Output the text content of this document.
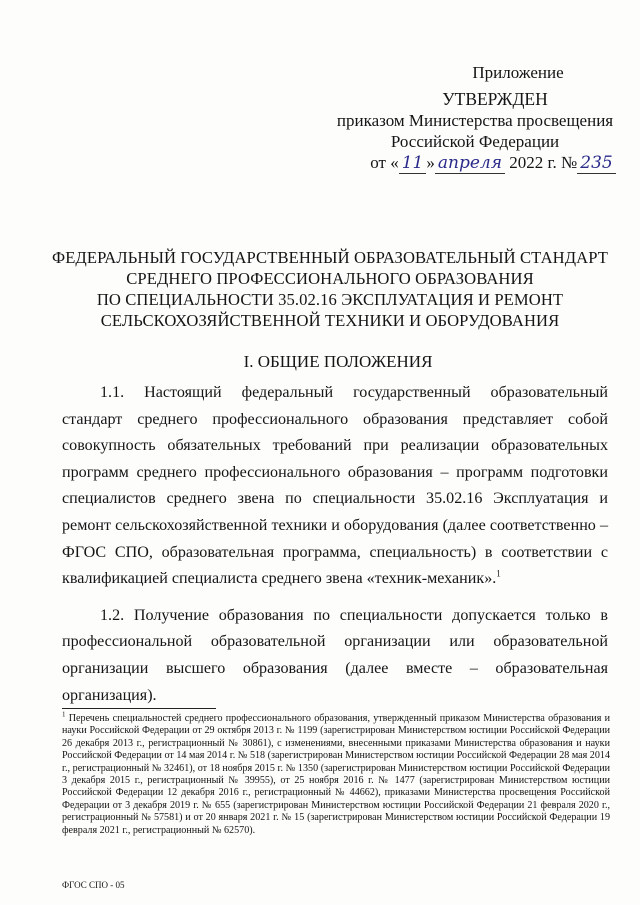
Приложение
УТВЕРЖДЕН
приказом Министерства просвещения
Российской Федерации
от « 11 » апреля 2022 г. № 235
ФЕДЕРАЛЬНЫЙ ГОСУДАРСТВЕННЫЙ ОБРАЗОВАТЕЛЬНЫЙ СТАНДАРТ
СРЕДНЕГО ПРОФЕССИОНАЛЬНОГО ОБРАЗОВАНИЯ
ПО СПЕЦИАЛЬНОСТИ 35.02.16 ЭКСПЛУАТАЦИЯ И РЕМОНТ
СЕЛЬСКОХОЗЯЙСТВЕННОЙ ТЕХНИКИ И ОБОРУДОВАНИЯ
I. ОБЩИЕ ПОЛОЖЕНИЯ

1.1. Настоящий федеральный государственный образовательный стандарт среднего профессионального образования представляет собой совокупность обязательных требований при реализации образовательных программ среднего профессионального образования – программ подготовки специалистов среднего звена по специальности 35.02.16 Эксплуатация и ремонт сельскохозяйственной техники и оборудования (далее соответственно – ФГОС СПО, образовательная программа, специальность) в соответствии с квалификацией специалиста среднего звена «техник-механик».$^1$

1.2. Получение образования по специальности допускается только в профессиональной образовательной организации или образовательной организации высшего образования (далее вместе – образовательная организация).

$^1$ Перечень специальностей среднего профессионального образования, утвержденный приказом Министерства образования и науки Российской Федерации от 29 октября 2013 г. № 1199 (зарегистрирован Министерством юстиции Российской Федерации 26 декабря 2013 г., регистрационный № 30861), с изменениями, внесенными приказами Министерства образования и науки Российской Федерации от 14 мая 2014 г. № 518 (зарегистрирован Министерством юстиции Российской Федерации 28 мая 2014 г., регистрационный № 32461), от 18 ноября 2015 г. № 1350 (зарегистрирован Министерством юстиции Российской Федерации 3 декабря 2015 г., регистрационный № 39955), от 25 ноября 2016 г. № 1477 (зарегистрирован Министерством юстиции Российской Федерации 12 декабря 2016 г., регистрационный № 44662), приказами Министерства просвещения Российской Федерации от 3 декабря 2019 г. № 655 (зарегистрирован Министерством юстиции Российской Федерации 21 февраля 2020 г., регистрационный № 57581) и от 20 января 2021 г. № 15 (зарегистрирован Министерством юстиции Российской Федерации 19 февраля 2021 г., регистрационный № 62570).
ФГОС СПО - 05
